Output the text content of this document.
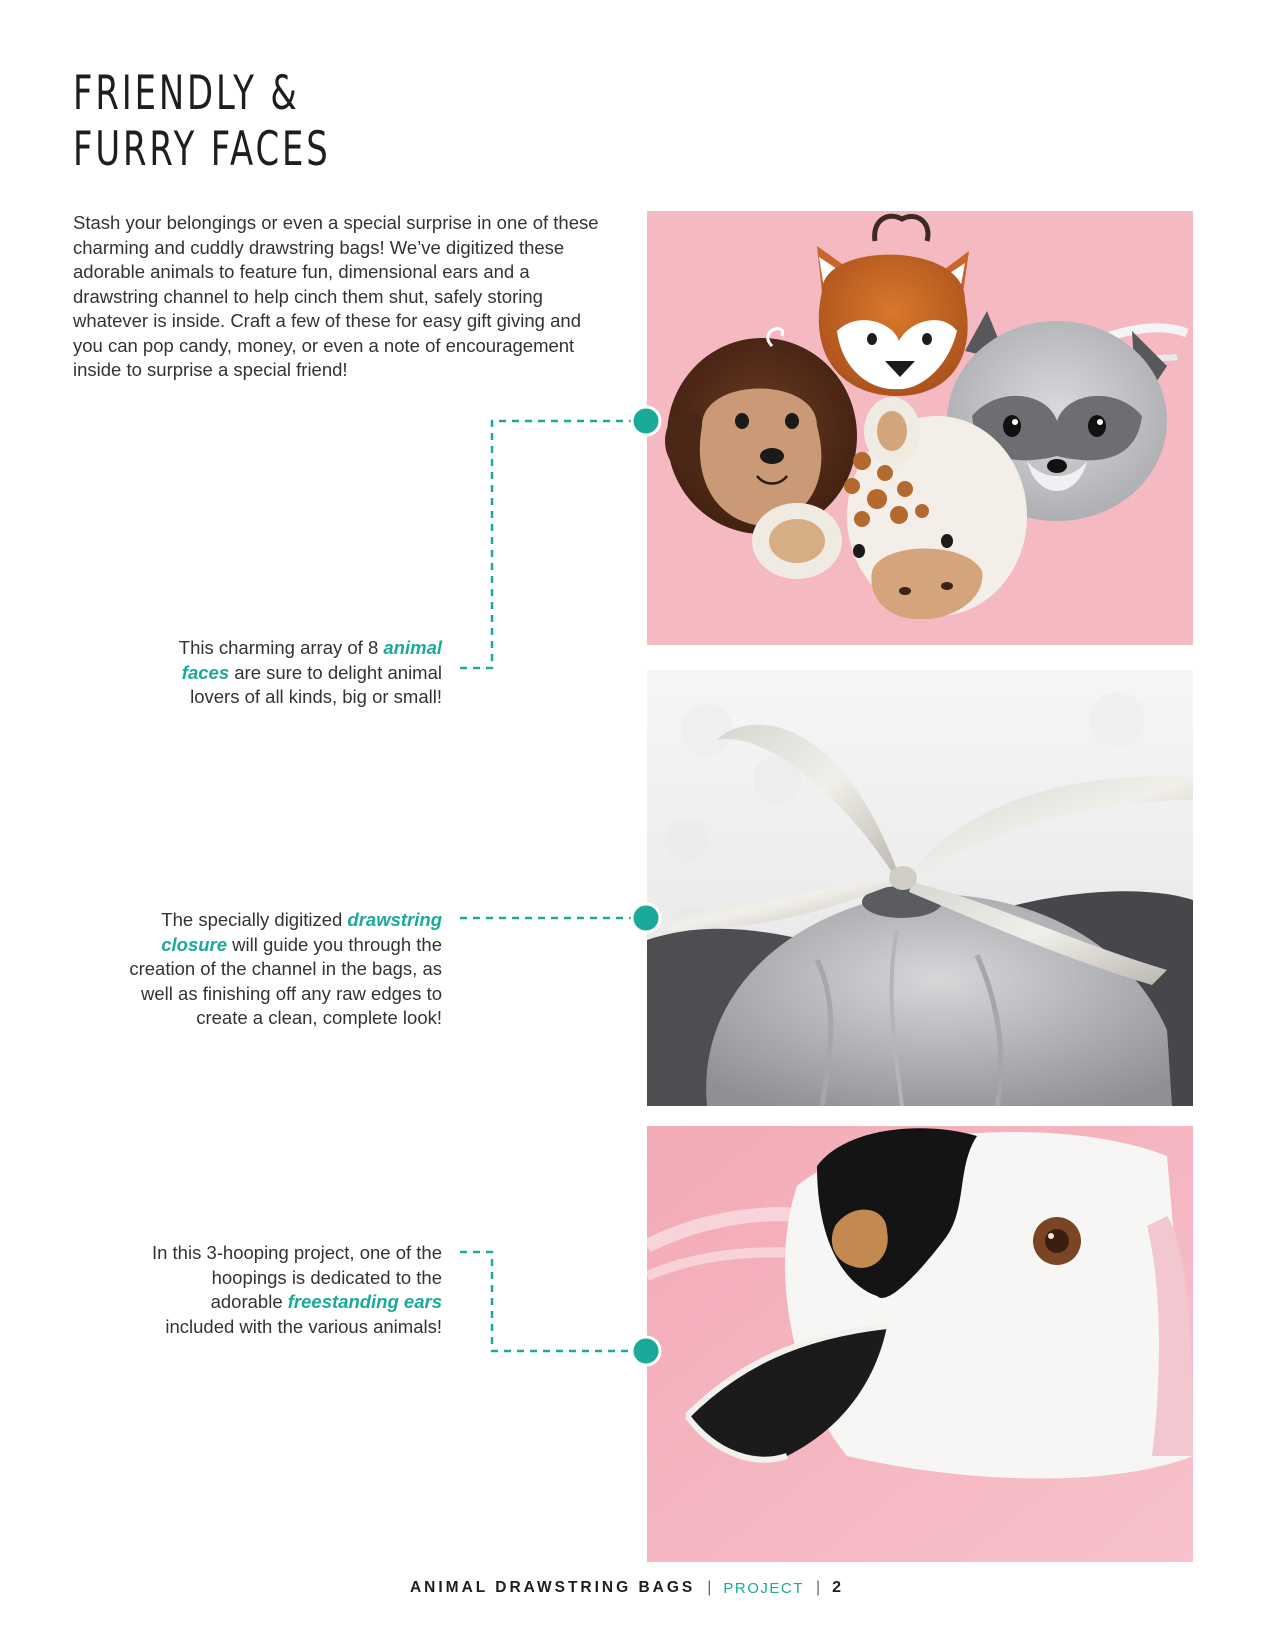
FRIENDLY &
FURRY FACES

Stash your belongings or even a special surprise in one of these charming and cuddly drawstring bags! We’ve digitized these adorable animals to feature fun, dimensional ears and a drawstring channel to help cinch them shut, safely storing whatever is inside. Craft a few of these for easy gift giving and you can pop candy, money, or even a note of encouragement inside to surprise a special friend!

This charming array of 8 animal faces are sure to delight animal lovers of all kinds, big or small!

The specially digitized drawstring closure will guide you through the creation of the channel in the bags, as well as finishing off any raw edges to create a clean, complete look!

In this 3-hooping project, one of the hoopings is dedicated to the adorable freestanding ears included with the various animals!

ANIMAL DRAWSTRING BAGS | PROJECT | 2
